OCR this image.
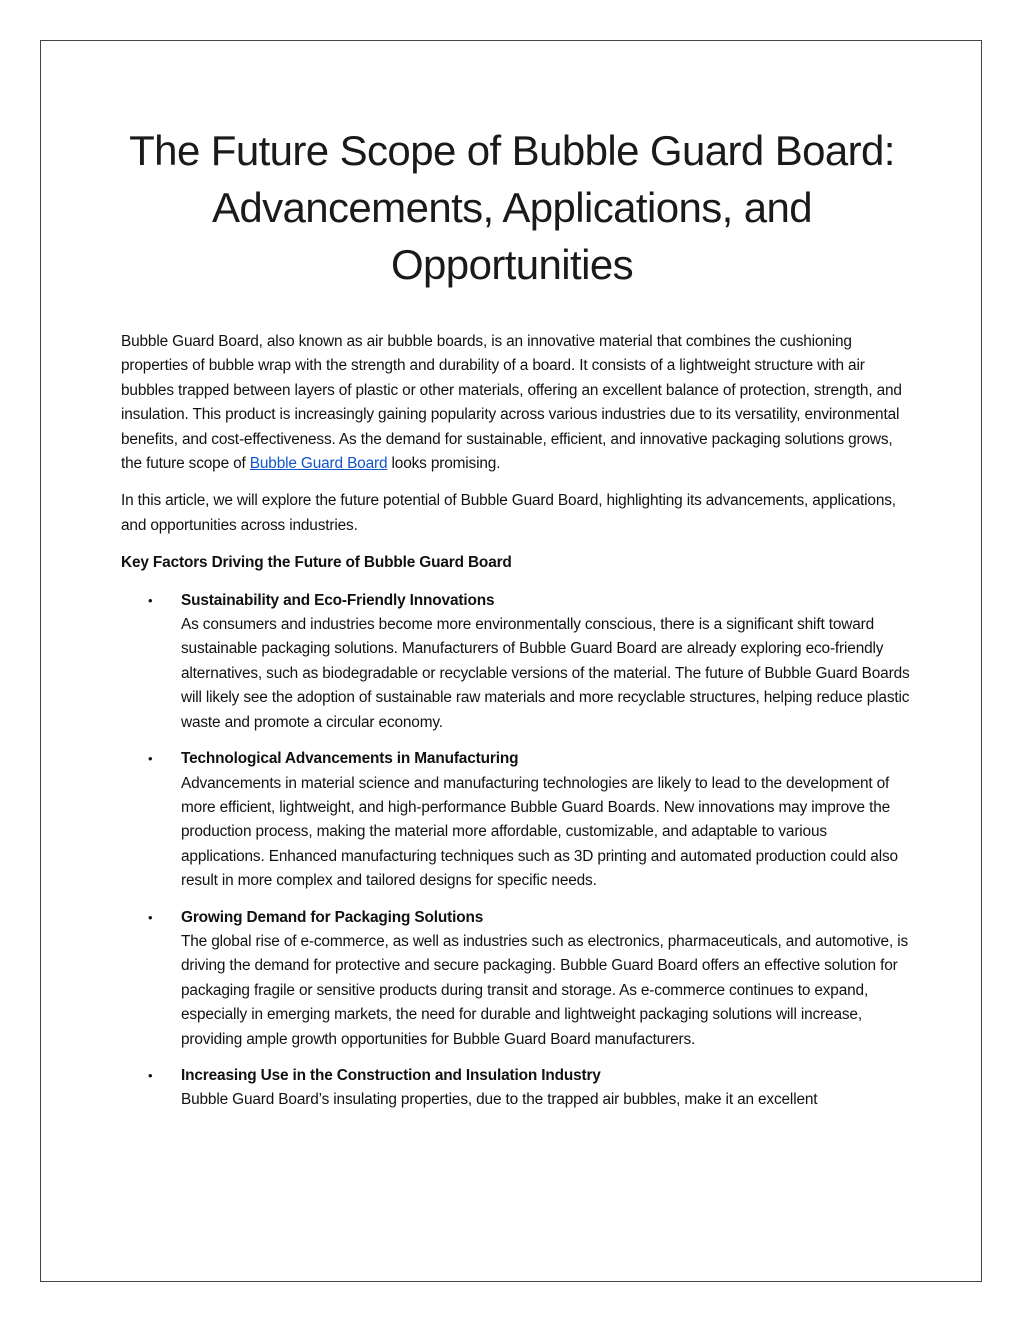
The Future Scope of Bubble Guard Board: Advancements, Applications, and Opportunities

Bubble Guard Board, also known as air bubble boards, is an innovative material that combines the cushioning properties of bubble wrap with the strength and durability of a board. It consists of a lightweight structure with air bubbles trapped between layers of plastic or other materials, offering an excellent balance of protection, strength, and insulation. This product is increasingly gaining popularity across various industries due to its versatility, environmental benefits, and cost-effectiveness. As the demand for sustainable, efficient, and innovative packaging solutions grows, the future scope of Bubble Guard Board looks promising.

In this article, we will explore the future potential of Bubble Guard Board, highlighting its advancements, applications, and opportunities across industries.

Key Factors Driving the Future of Bubble Guard Board

• Sustainability and Eco-Friendly Innovations
As consumers and industries become more environmentally conscious, there is a significant shift toward sustainable packaging solutions. Manufacturers of Bubble Guard Board are already exploring eco-friendly alternatives, such as biodegradable or recyclable versions of the material. The future of Bubble Guard Boards will likely see the adoption of sustainable raw materials and more recyclable structures, helping reduce plastic waste and promote a circular economy.
• Technological Advancements in Manufacturing
Advancements in material science and manufacturing technologies are likely to lead to the development of more efficient, lightweight, and high-performance Bubble Guard Boards. New innovations may improve the production process, making the material more affordable, customizable, and adaptable to various applications. Enhanced manufacturing techniques such as 3D printing and automated production could also result in more complex and tailored designs for specific needs.
• Growing Demand for Packaging Solutions
The global rise of e-commerce, as well as industries such as electronics, pharmaceuticals, and automotive, is driving the demand for protective and secure packaging. Bubble Guard Board offers an effective solution for packaging fragile or sensitive products during transit and storage. As e-commerce continues to expand, especially in emerging markets, the need for durable and lightweight packaging solutions will increase, providing ample growth opportunities for Bubble Guard Board manufacturers.
• Increasing Use in the Construction and Insulation Industry
Bubble Guard Board’s insulating properties, due to the trapped air bubbles, make it an excellent
